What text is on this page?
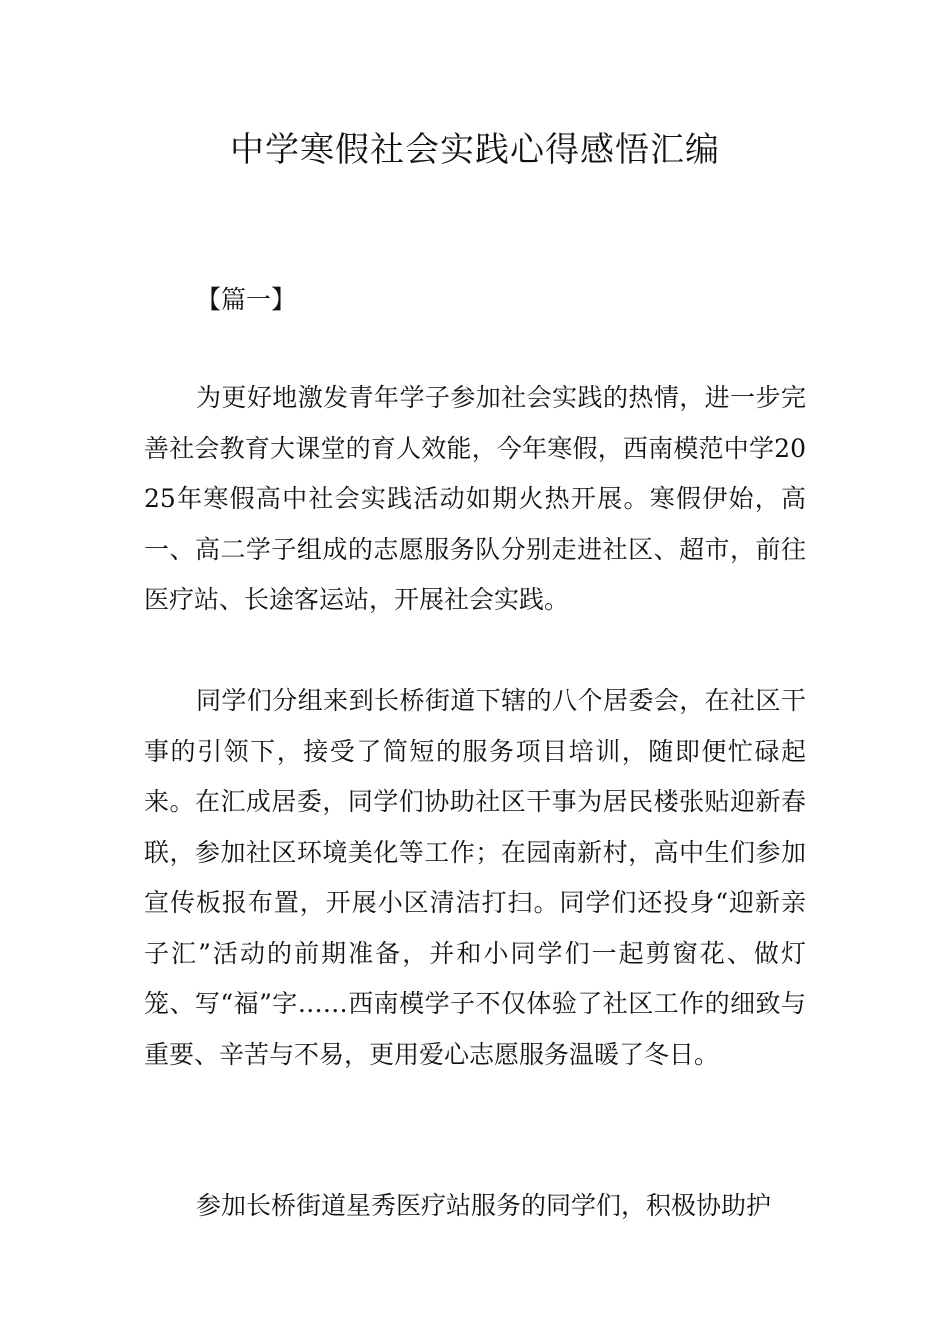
中学寒假社会实践心得感悟汇编
【篇一】

为更好地激发青年学子参加社会实践的热情，进一步完善社会教育大课堂的育人效能，今年寒假，西南模范中学2025年寒假高中社会实践活动如期火热开展。寒假伊始，高一、高二学子组成的志愿服务队分别走进社区、超市，前往医疗站、长途客运站，开展社会实践。

同学们分组来到长桥街道下辖的八个居委会，在社区干事的引领下，接受了简短的服务项目培训，随即便忙碌起来。在汇成居委，同学们协助社区干事为居民楼张贴迎新春联，参加社区环境美化等工作；在园南新村，高中生们参加宣传板报布置，开展小区清洁打扫。同学们还投身“迎新亲子汇”活动的前期准备，并和小同学们一起剪窗花、做灯笼、写“福”字……西南模学子不仅体验了社区工作的细致与重要、辛苦与不易，更用爱心志愿服务温暖了冬日。

参加长桥街道星秀医疗站服务的同学们，积极协助护
